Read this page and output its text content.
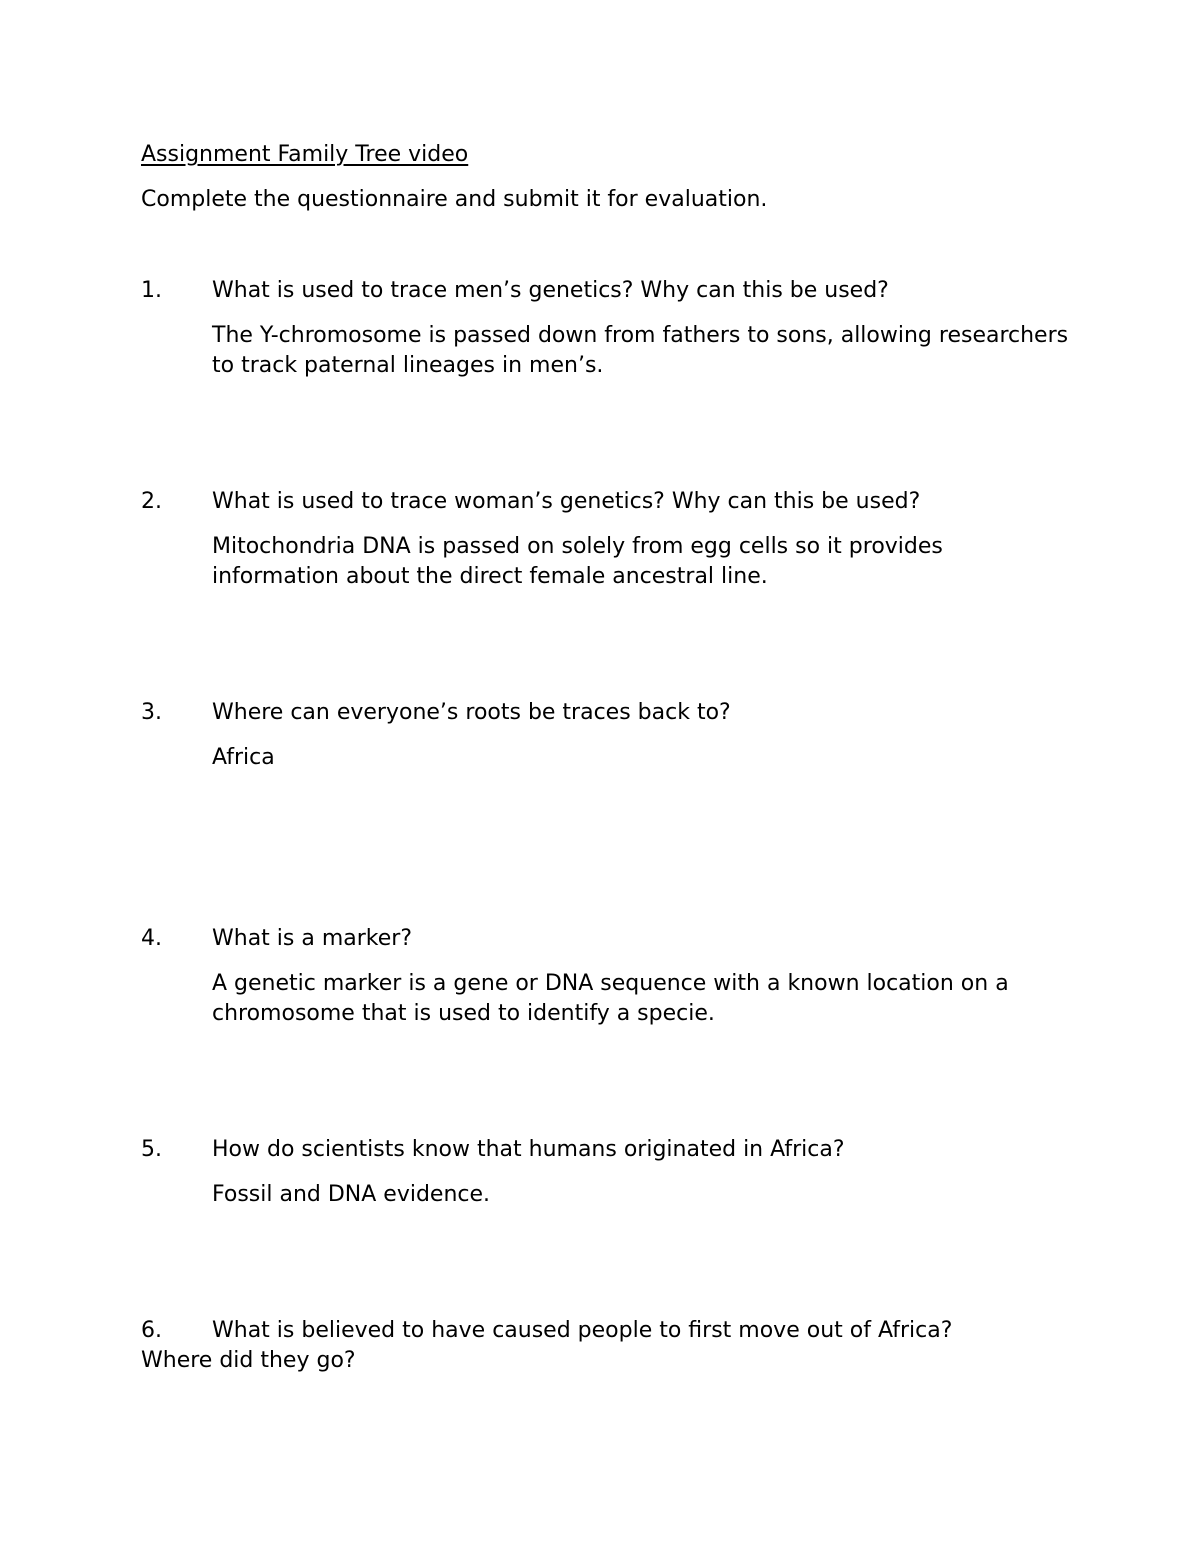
Assignment Family Tree video
Complete the questionnaire and submit it for evaluation.
1. What is used to trace men’s genetics? Why can this be used?
The Y-chromosome is passed down from fathers to sons, allowing researchers to track paternal lineages in men’s.
2. What is used to trace woman’s genetics? Why can this be used?
Mitochondria DNA is passed on solely from egg cells so it provides information about the direct female ancestral line.
3. Where can everyone’s roots be traces back to?
Africa
4. What is a marker?
A genetic marker is a gene or DNA sequence with a known location on a chromosome that is used to identify a specie.
5. How do scientists know that humans originated in Africa?
Fossil and DNA evidence.
6. What is believed to have caused people to first move out of Africa?
Where did they go?
